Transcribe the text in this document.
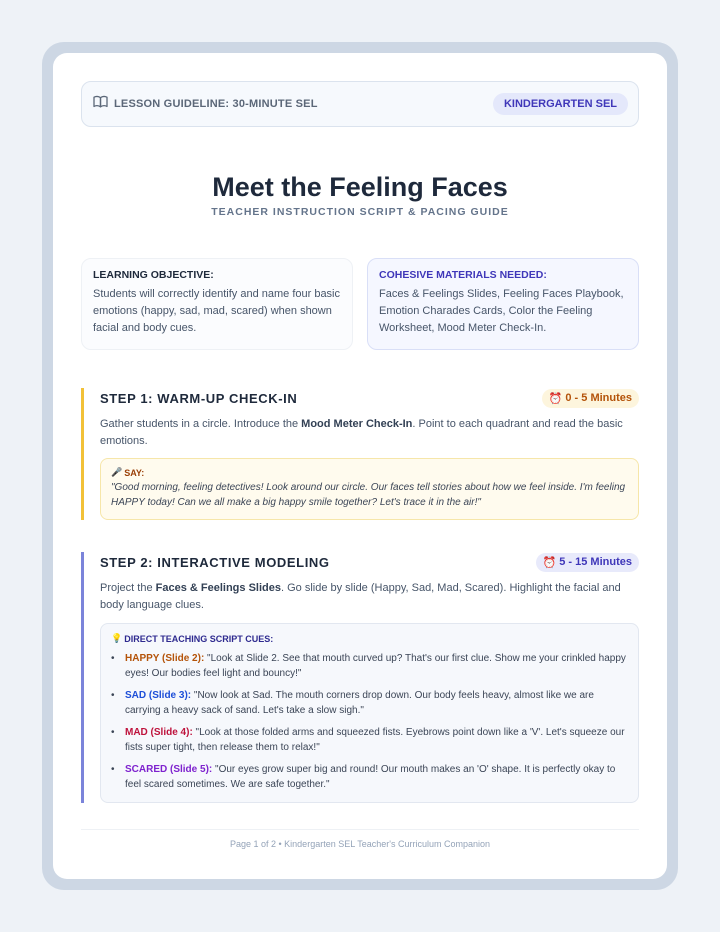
LESSON GUIDELINE: 30-MINUTE SEL	KINDERGARTEN SEL
Meet the Feeling Faces
TEACHER INSTRUCTION SCRIPT & PACING GUIDE
LEARNING OBJECTIVE:
Students will correctly identify and name four basic emotions (happy, sad, mad, scared) when shown facial and body cues.
COHESIVE MATERIALS NEEDED:
Faces & Feelings Slides, Feeling Faces Playbook, Emotion Charades Cards, Color the Feeling Worksheet, Mood Meter Check-In.
STEP 1: WARM-UP CHECK-IN	⏰ 0 - 5 Minutes

Gather students in a circle. Introduce the Mood Meter Check-In. Point to each quadrant and read the basic emotions.

🎤 SAY:

"Good morning, feeling detectives! Look around our circle. Our faces tell stories about how we feel inside. I'm feeling HAPPY today! Can we all make a big happy smile together? Let's trace it in the air!"

STEP 2: INTERACTIVE MODELING	⏰ 5 - 15 Minutes

Project the Faces & Feelings Slides. Go slide by slide (Happy, Sad, Mad, Scared). Highlight the facial and body language clues.

💡 DIRECT TEACHING SCRIPT CUES:

• HAPPY (Slide 2): "Look at Slide 2. See that mouth curved up? That's our first clue. Show me your crinkled happy eyes! Our bodies feel light and bouncy!"

• SAD (Slide 3): "Now look at Sad. The mouth corners drop down. Our body feels heavy, almost like we are carrying a heavy sack of sand. Let's take a slow sigh."

• MAD (Slide 4): "Look at those folded arms and squeezed fists. Eyebrows point down like a 'V'. Let's squeeze our fists super tight, then release them to relax!"

• SCARED (Slide 5): "Our eyes grow super big and round! Our mouth makes an 'O' shape. It is perfectly okay to feel scared sometimes. We are safe together."

Page 1 of 2 • Kindergarten SEL Teacher's Curriculum Companion
